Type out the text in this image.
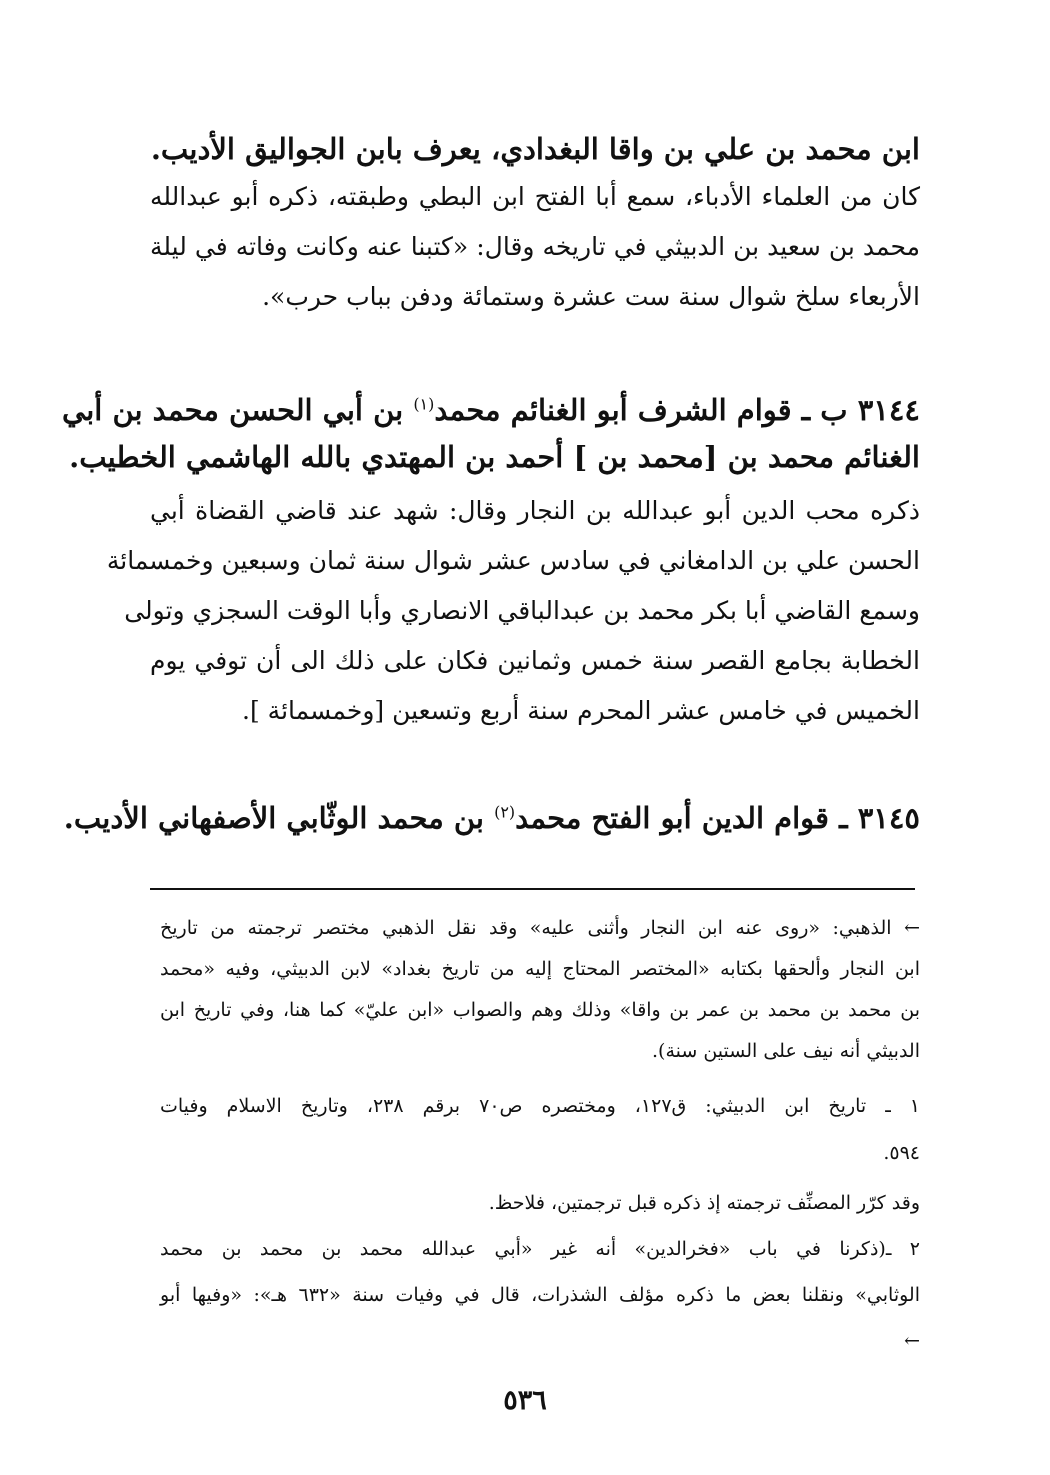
ابن محمد بن علي بن واقا البغدادي، يعرف بابن الجواليق الأديب.

كان من العلماء الأدباء، سمع أبا الفتح ابن البطي وطبقته، ذكره أبو عبدالله

محمد بن سعيد بن الدبيثي في تاريخه وقال: «كتبنا عنه وكانت وفاته في ليلة

الأربعاء سلخ شوال سنة ست عشرة وستمائة ودفن بباب حرب».

٣١٤٤ ب ـ قوام الشرف أبو الغنائم محمد$^{(١)}$ بن أبي الحسن محمد بن أبي

الغنائم محمد بن [محمد بن ] أحمد بن المهتدي بالله الهاشمي الخطيب.

ذكره محب الدين أبو عبدالله بن النجار وقال: شهد عند قاضي القضاة أبي

الحسن علي بن الدامغاني في سادس عشر شوال سنة ثمان وسبعين وخمسمائة

وسمع القاضي أبا بكر محمد بن عبدالباقي الانصاري وأبا الوقت السجزي وتولى

الخطابة بجامع القصر سنة خمس وثمانين فكان على ذلك الى أن توفي يوم

الخميس في خامس عشر المحرم سنة أربع وتسعين [وخمسمائة ].

٣١٤٥ ـ قوام الدين أبو الفتح محمد$^{(٢)}$ بن محمد الوثّابي الأصفهاني الأديب.

← الذهبي: «روى عنه ابن النجار وأثنى عليه» وقد نقل الذهبي مختصر ترجمته من تاريخ

ابن النجار وألحقها بكتابه «المختصر المحتاج إليه من تاريخ بغداد» لابن الدبيثي، وفيه «محمد

بن محمد بن محمد بن عمر بن واقا» وذلك وهم والصواب «ابن عليّ» كما هنا، وفي تاريخ ابن

الدبيثي أنه نيف على الستين سنة).

١ ـ تاريخ ابن الدبيثي: ق١٢٧، ومختصره ص٧٠ برقم ٢٣٨، وتاريخ الاسلام وفيات

٥٩٤.

وقد كرّر المصنِّف ترجمته إذ ذكره قبل ترجمتين، فلاحظ.

٢ ـ(ذكرنا في باب «فخرالدين» أنه غير «أبي عبدالله محمد بن محمد بن محمد

الوثابي» ونقلنا بعض ما ذكره مؤلف الشذرات، قال في وفيات سنة «٦٣٢ هـ»: «وفيها أبو

←

٥٣٦
